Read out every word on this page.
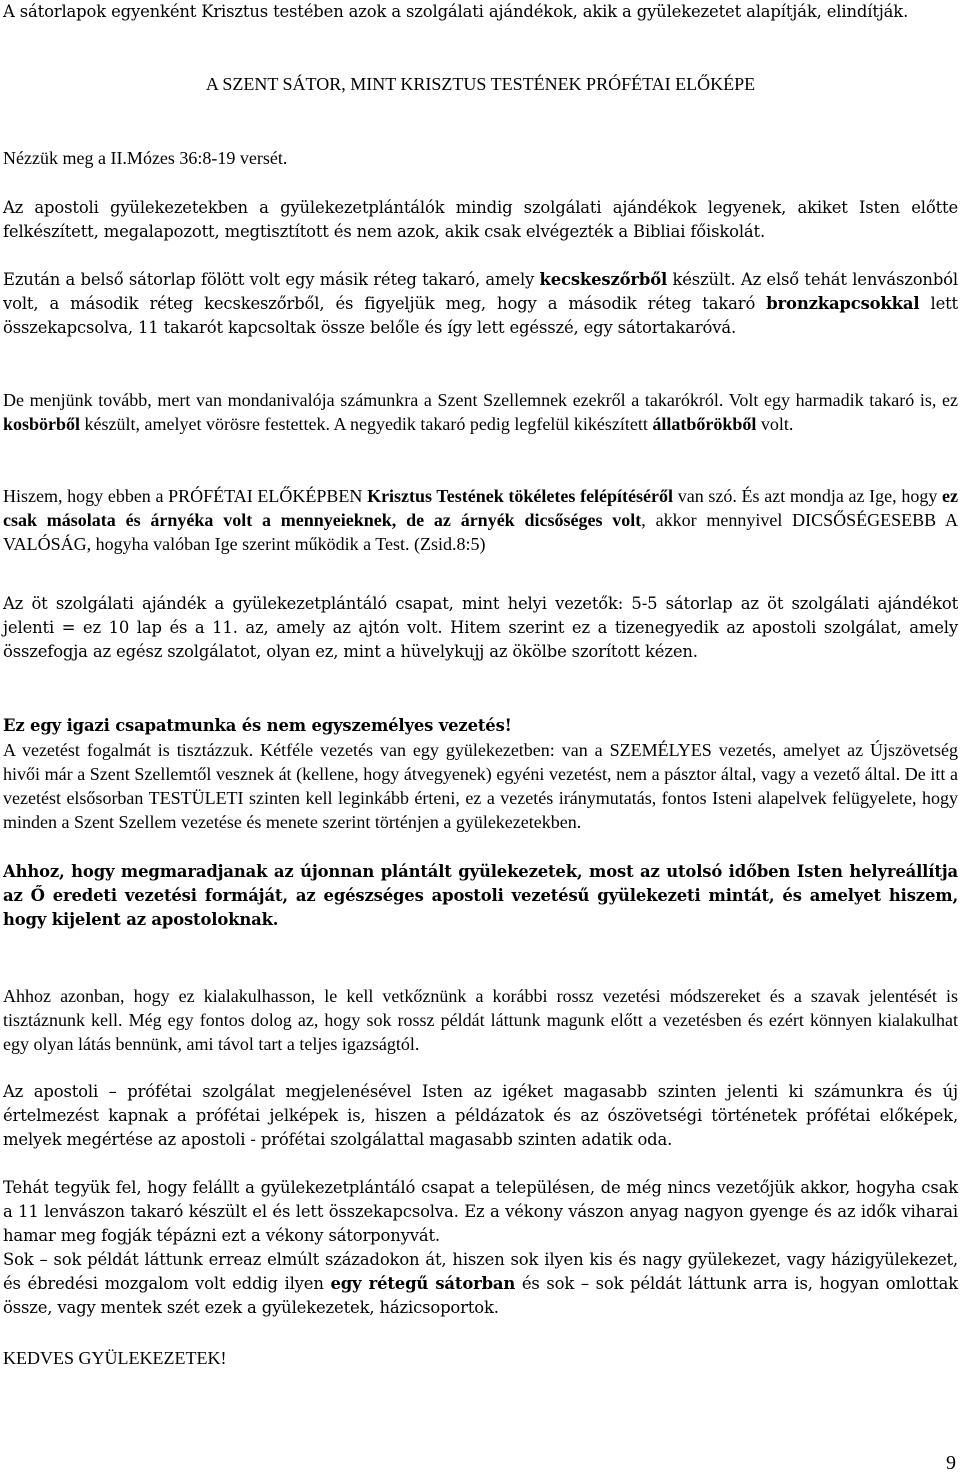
A sátorlapok egyenként Krisztus testében azok a szolgálati ajándékok, akik a gyülekezetet alapítják, elindítják.

A SZENT SÁTOR, MINT KRISZTUS TESTÉNEK PRÓFÉTAI ELŐKÉPE

Nézzük meg a II.Mózes 36:8-19 versét.

Az apostoli gyülekezetekben a gyülekezetplántálók mindig szolgálati ajándékok legyenek, akiket Isten előtte felkészített, megalapozott, megtisztított és nem azok, akik csak elvégezték a Bibliai főiskolát.

Ezután a belső sátorlap fölött volt egy másik réteg takaró, amely kecskeszőrből készült. Az első tehát lenvászonból volt, a második réteg kecskeszőrből, és figyeljük meg, hogy a második réteg takaró bronzkapcsokkal lett összekapcsolva, 11 takarót kapcsoltak össze belőle és így lett egésszé, egy sátortakaróvá.

De menjünk tovább, mert van mondanivalója számunkra a Szent Szellemnek ezekről a takarókról. Volt egy harmadik takaró is, ez kosbörből készült, amelyet vörösre festettek. A negyedik takaró pedig legfelül kikészített állatbőrökből volt.

Hiszem, hogy ebben a PRÓFÉTAI ELŐKÉPBEN Krisztus Testének tökéletes felépítéséről van szó. És azt mondja az Ige, hogy ez csak másolata és árnyéka volt a mennyeieknek, de az árnyék dicsőséges volt, akkor mennyivel DICSŐSÉGESEBB A VALÓSÁG, hogyha valóban Ige szerint működik a Test. (Zsid.8:5)

Az öt szolgálati ajándék a gyülekezetplántáló csapat, mint helyi vezetők: 5-5 sátorlap az öt szolgálati ajándékot jelenti = ez 10 lap és a 11. az, amely az ajtón volt. Hitem szerint ez a tizenegyedik az apostoli szolgálat, amely összefogja az egész szolgálatot, olyan ez, mint a hüvelykujj az ökölbe szorított kézen.

Ez egy igazi csapatmunka és nem egyszemélyes vezetés!

A vezetést fogalmát is tisztázzuk. Kétféle vezetés van egy gyülekezetben: van a SZEMÉLYES vezetés, amelyet az Újszövetség hivői már a Szent Szellemtől vesznek át (kellene, hogy átvegyenek) egyéni vezetést, nem a pásztor által, vagy a vezető által. De itt a vezetést elsősorban TESTÜLETI szinten kell leginkább érteni, ez a vezetés iránymutatás, fontos Isteni alapelvek felügyelete, hogy minden a Szent Szellem vezetése és menete szerint történjen a gyülekezetekben.

Ahhoz, hogy megmaradjanak az újonnan plántált gyülekezetek, most az utolsó időben Isten helyreállítja az Ő eredeti vezetési formáját, az egészséges apostoli vezetésű gyülekezeti mintát, és amelyet hiszem, hogy kijelent az apostoloknak.

Ahhoz azonban, hogy ez kialakulhasson, le kell vetkőznünk a korábbi rossz vezetési módszereket és a szavak jelentését is tisztáznunk kell. Még egy fontos dolog az, hogy sok rossz példát láttunk magunk előtt a vezetésben és ezért könnyen kialakulhat egy olyan látás bennünk, ami távol tart a teljes igazságtól.

Az apostoli – prófétai szolgálat megjelenésével Isten az igéket magasabb szinten jelenti ki számunkra és új értelmezést kapnak a prófétai jelképek is, hiszen a példázatok és az ószövetségi történetek prófétai előképek, melyek megértése az apostoli - prófétai szolgálattal magasabb szinten adatik oda.

Tehát tegyük fel, hogy felállt a gyülekezetplántáló csapat a településen, de még nincs vezetőjük akkor, hogyha csak a 11 lenvászon takaró készült el és lett összekapcsolva. Ez a vékony vászon anyag nagyon gyenge és az idők viharai hamar meg fogják tépázni ezt a vékony sátorponyvát.

Sok – sok példát láttunk erreaz elmúlt századokon át, hiszen sok ilyen kis és nagy gyülekezet, vagy házigyülekezet, és ébredési mozgalom volt eddig ilyen egy rétegű sátorban és sok – sok példát láttunk arra is, hogyan omlottak össze, vagy mentek szét ezek a gyülekezetek, házicsoportok.

KEDVES GYÜLEKEZETEK!

9
